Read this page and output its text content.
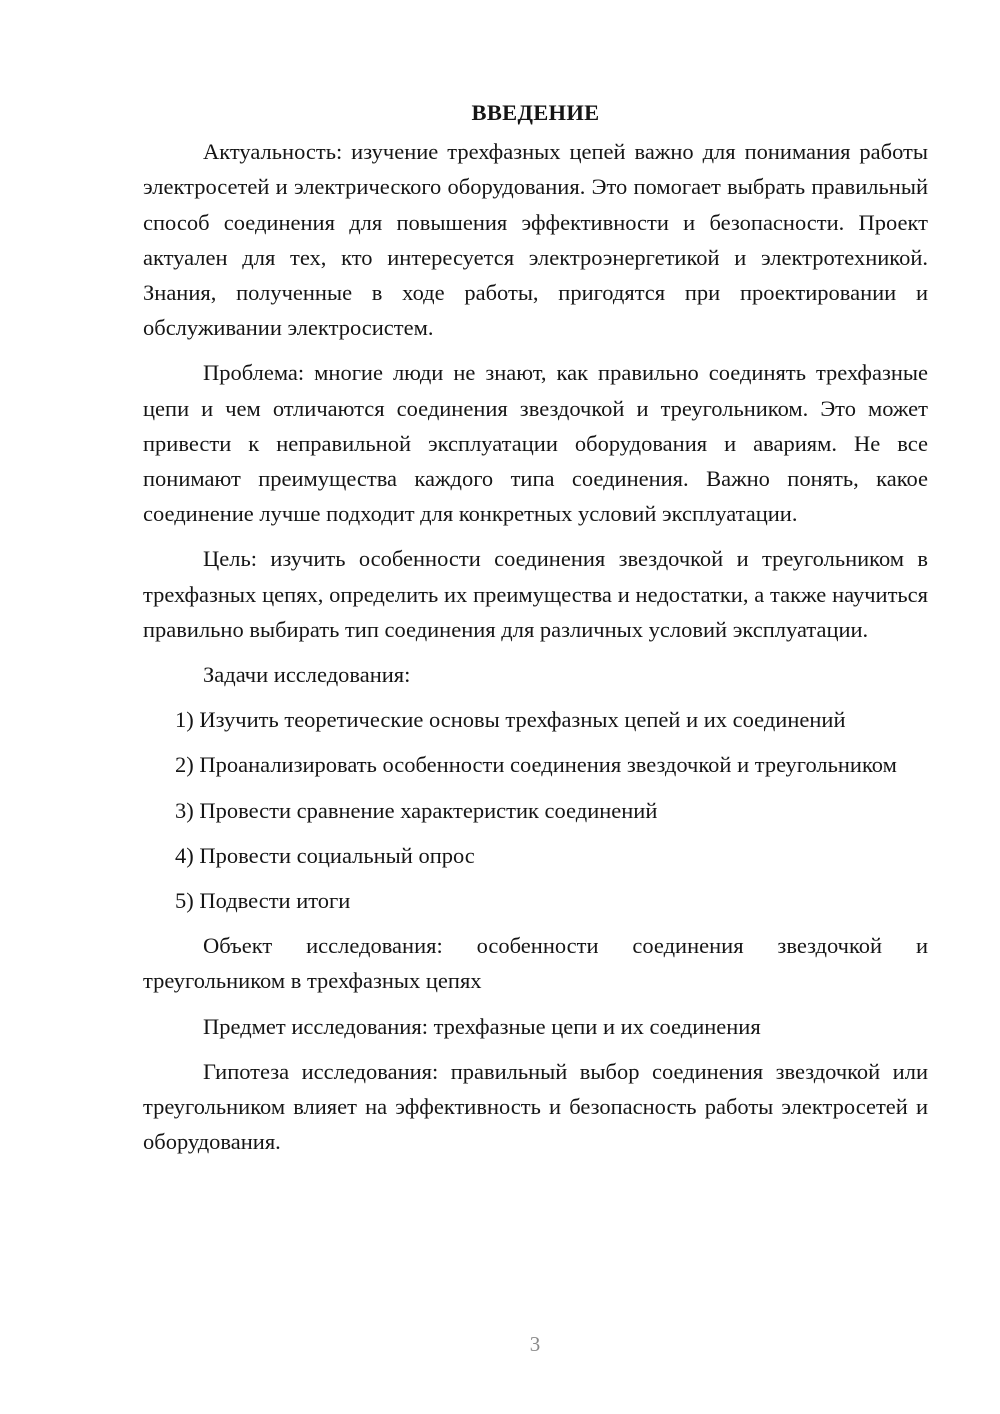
ВВЕДЕНИЕ

Актуальность: изучение трехфазных цепей важно для понимания работы электросетей и электрического оборудования. Это помогает выбрать правильный способ соединения для повышения эффективности и безопасности. Проект актуален для тех, кто интересуется электроэнергетикой и электротехникой. Знания, полученные в ходе работы, пригодятся при проектировании и обслуживании электросистем.

Проблема: многие люди не знают, как правильно соединять трехфазные цепи и чем отличаются соединения звездочкой и треугольником. Это может привести к неправильной эксплуатации оборудования и авариям. Не все понимают преимущества каждого типа соединения. Важно понять, какое соединение лучше подходит для конкретных условий эксплуатации.

Цель: изучить особенности соединения звездочкой и треугольником в трехфазных цепях, определить их преимущества и недостатки, а также научиться правильно выбирать тип соединения для различных условий эксплуатации.

Задачи исследования:

1) Изучить теоретические основы трехфазных цепей и их соединений

2) Проанализировать особенности соединения звездочкой и треугольником

3) Провести сравнение характеристик соединений

4) Провести социальный опрос

5) Подвести итоги

Объект исследования: особенности соединения звездочкой и треугольником в трехфазных цепях

Предмет исследования: трехфазные цепи и их соединения

Гипотеза исследования: правильный выбор соединения звездочкой или треугольником влияет на эффективность и безопасность работы электросетей и оборудования.

3
